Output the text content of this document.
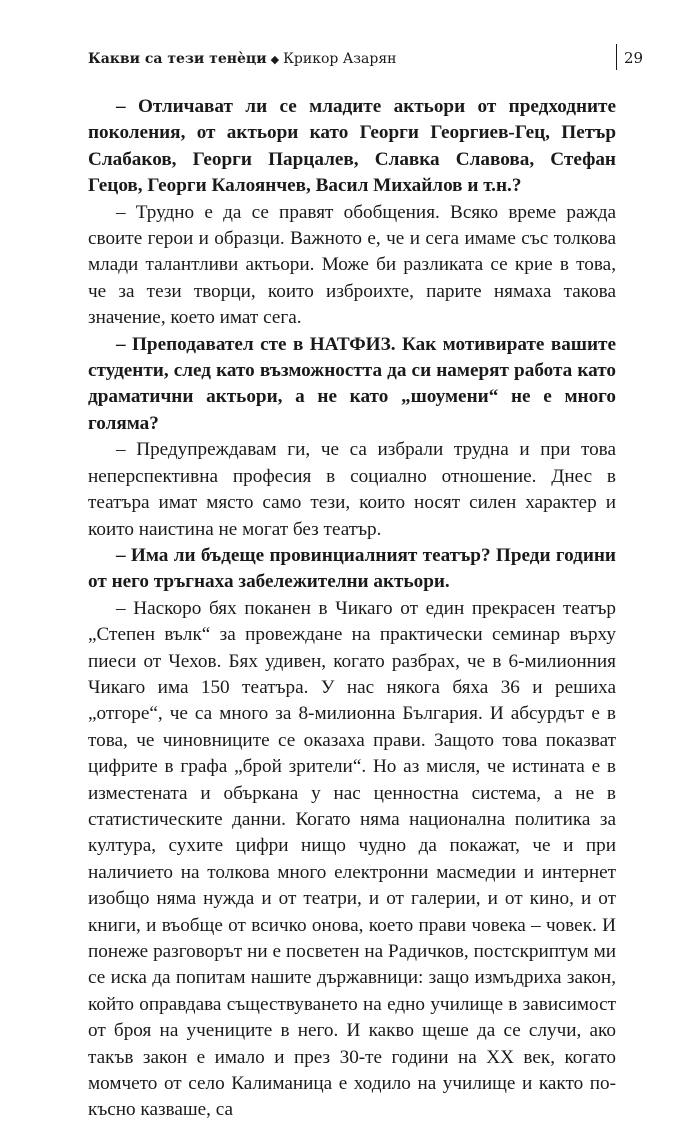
Какви са тези тенѐци ◆ Крикор Азарян	29

– Отличават ли се младите актьори от предходните поколения, от актьори като Георги Георгиев-Гец, Петър Слабаков, Георги Парцалев, Славка Славова, Стефан Гецов, Георги Калоянчев, Васил Михайлов и т.н.?

– Трудно е да се правят обобщения. Всяко време ражда своите герои и образци. Важното е, че и сега имаме със толкова млади талантливи актьори. Може би разликата се крие в това, че за тези творци, които изброихте, парите нямаха такова значение, което имат сега.

– Преподавател сте в НАТФИЗ. Как мотивирате вашите студенти, след като възможността да си намерят работа като драматични актьори, а не като „шоумени“ не е много голяма?

– Предупреждавам ги, че са избрали трудна и при това неперспективна професия в социално отношение. Днес в театъра имат място само тези, които носят силен характер и които наистина не могат без театър.

– Има ли бъдеще провинциалният театър? Преди години от него тръгнаха забележителни актьори.

– Наскоро бях поканен в Чикаго от един прекрасен театър „Степен вълк“ за провеждане на практически семинар върху пиеси от Чехов. Бях удивен, когато разбрах, че в 6-милионния Чикаго има 150 театъра. У нас някога бяха 36 и решиха „отгоре“, че са много за 8-милионна България. И абсурдът е в това, че чиновниците се оказаха прави. Защото това показват цифрите в графа „брой зрители“. Но аз мисля, че истината е в изместената и объркана у нас ценностна система, а не в статистическите данни. Когато няма национална политика за култура, сухите цифри нищо чудно да покажат, че и при наличието на толкова много електронни масмедии и интернет изобщо няма нужда и от театри, и от галерии, и от кино, и от книги, и въобще от всичко онова, което прави човека – човек. И понеже разговорът ни е посветен на Радичков, постскриптум ми се иска да попитам нашите държавници: защо измъдриха закон, който оправдава съществуването на едно училище в зависимост от броя на учениците в него. И какво щеше да се случи, ако такъв закон е имало и през 30-те години на XX век, когато момчето от село Калиманица е ходило на училище и както по-късно казваше, са
